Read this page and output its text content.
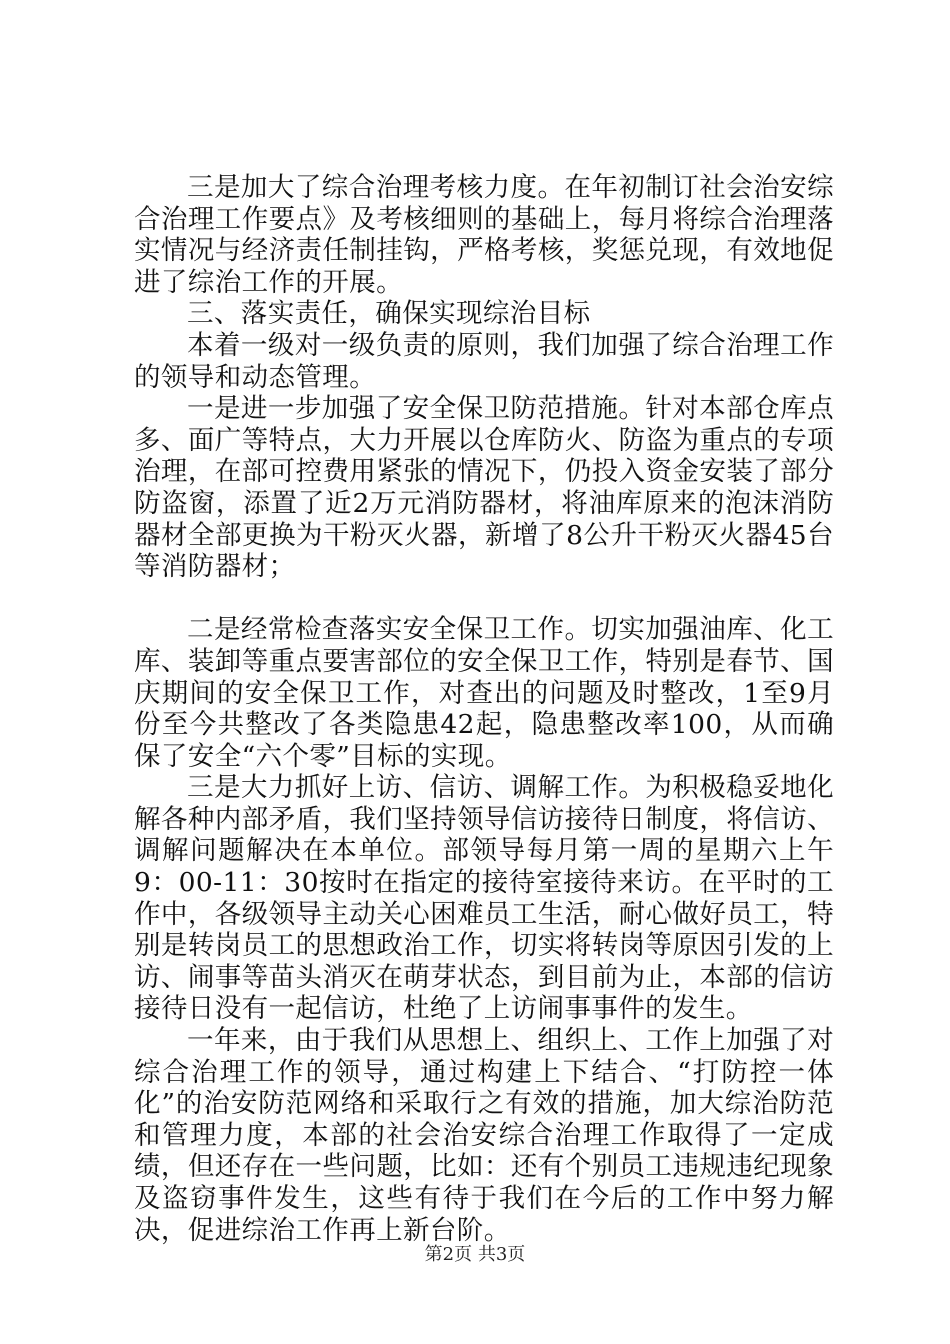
三是加大了综合治理考核力度。在年初制订社会治安综合治理工作要点》及考核细则的基础上，每月将综合治理落实情况与经济责任制挂钩，严格考核，奖惩兑现，有效地促进了综治工作的开展。

三、落实责任，确保实现综治目标

本着一级对一级负责的原则，我们加强了综合治理工作的领导和动态管理。

一是进一步加强了安全保卫防范措施。针对本部仓库点多、面广等特点，大力开展以仓库防火、防盗为重点的专项治理，在部可控费用紧张的情况下，仍投入资金安装了部分防盗窗，添置了近2万元消防器材，将油库原来的泡沫消防器材全部更换为干粉灭火器，新增了8公升干粉灭火器45台等消防器材；

二是经常检查落实安全保卫工作。切实加强油库、化工库、装卸等重点要害部位的安全保卫工作，特别是春节、国庆期间的安全保卫工作，对查出的问题及时整改，1至9月份至今共整改了各类隐患42起，隐患整改率100，从而确保了安全“六个零”目标的实现。

三是大力抓好上访、信访、调解工作。为积极稳妥地化解各种内部矛盾，我们坚持领导信访接待日制度，将信访、调解问题解决在本单位。部领导每月第一周的星期六上午9：00-11：30按时在指定的接待室接待来访。在平时的工作中，各级领导主动关心困难员工生活，耐心做好员工，特别是转岗员工的思想政治工作，切实将转岗等原因引发的上访、闹事等苗头消灭在萌芽状态，到目前为止，本部的信访接待日没有一起信访，杜绝了上访闹事事件的发生。

一年来，由于我们从思想上、组织上、工作上加强了对综合治理工作的领导，通过构建上下结合、“打防控一体化”的治安防范网络和采取行之有效的措施，加大综治防范和管理力度，本部的社会治安综合治理工作取得了一定成绩，但还存在一些问题，比如：还有个别员工违规违纪现象及盗窃事件发生，这些有待于我们在今后的工作中努力解决，促进综治工作再上新台阶。

第2页 共3页
